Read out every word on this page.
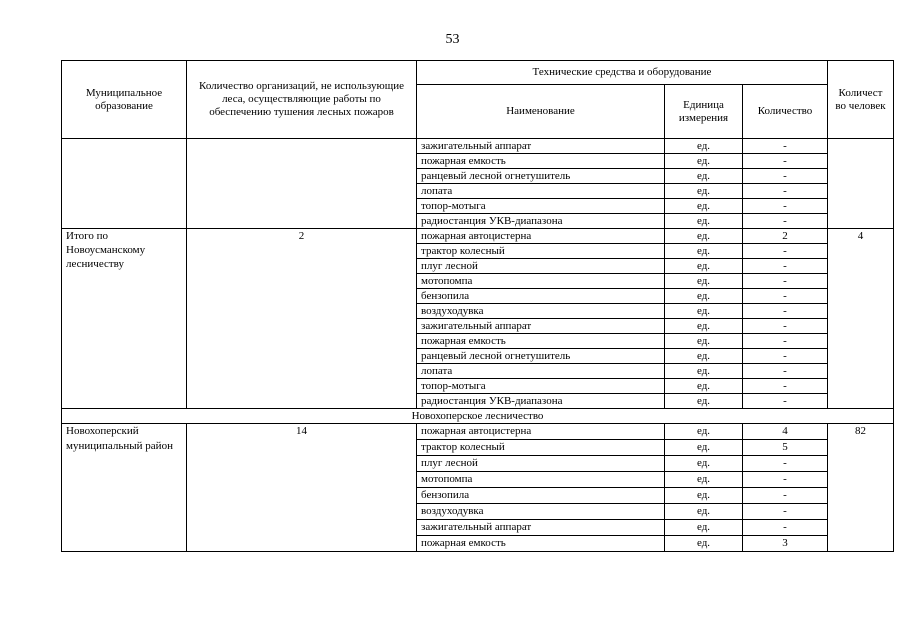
53
Муниципальное образование	Количество организаций, не использующие леса, осуществляющие работы по обеспечению тушения лесных пожаров	Технические средства и оборудование			Количест во человек
		Наименование	Единица измерения	Количество	
		зажигательный аппарат	ед.	-	
		пожарная емкость	ед.	-	
		ранцевый лесной огнетушитель	ед.	-	
		лопата	ед.	-	
		топор-мотыга	ед.	-	
		радиостанция УКВ-диапазона	ед.	-	
Итого по Новоусманскому лесничеству	2	пожарная автоцистерна	ед.	2	4
		трактор колесный	ед.	-	
		плуг лесной	ед.	-	
		мотопомпа	ед.	-	
		бензопила	ед.	-	
		воздуходувка	ед.	-	
		зажигательный аппарат	ед.	-	
		пожарная емкость	ед.	-	
		ранцевый лесной огнетушитель	ед.	-	
		лопата	ед.	-	
		топор-мотыга	ед.	-	
		радиостанция УКВ-диапазона	ед.	-	
Новохоперское лесничество					
Новохоперский муниципальный район	14	пожарная автоцистерна	ед.	4	82
		трактор колесный	ед.	5	
		плуг лесной	ед.	-	
		мотопомпа	ед.	-	
		бензопила	ед.	-	
		воздуходувка	ед.	-	
		зажигательный аппарат	ед.	-	
		пожарная емкость	ед.	3	
